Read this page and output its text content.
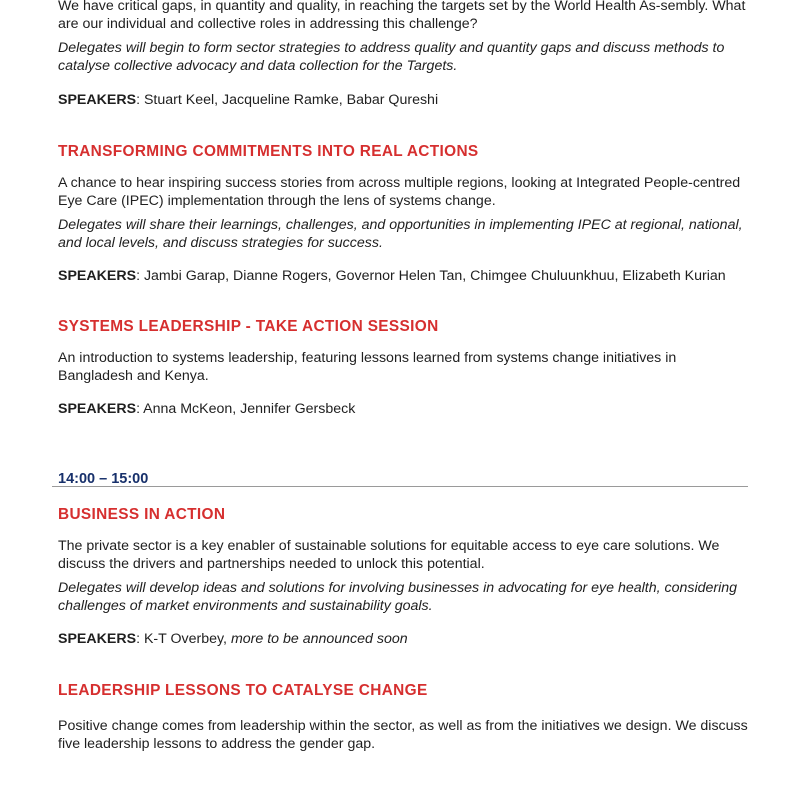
We have critical gaps, in quantity and quality, in reaching the targets set by the World Health As-sembly. What are our individual and collective roles in addressing this challenge?

Delegates will begin to form sector strategies to address quality and quantity gaps and discuss methods to catalyse collective advocacy and data collection for the Targets.

SPEAKERS: Stuart Keel, Jacqueline Ramke, Babar Qureshi

TRANSFORMING COMMITMENTS INTO REAL ACTIONS

A chance to hear inspiring success stories from across multiple regions, looking at Integrated People-centred Eye Care (IPEC) implementation through the lens of systems change.

Delegates will share their learnings, challenges, and opportunities in implementing IPEC at regional, national, and local levels, and discuss strategies for success.

SPEAKERS: Jambi Garap, Dianne Rogers, Governor Helen Tan, Chimgee Chuluunkhuu, Elizabeth Kurian

SYSTEMS LEADERSHIP - TAKE ACTION SESSION

An introduction to systems leadership, featuring lessons learned from systems change initiatives in Bangladesh and Kenya.

SPEAKERS: Anna McKeon, Jennifer Gersbeck

14:00 – 15:00

BUSINESS IN ACTION

The private sector is a key enabler of sustainable solutions for equitable access to eye care solutions. We discuss the drivers and partnerships needed to unlock this potential.

Delegates will develop ideas and solutions for involving businesses in advocating for eye health, considering challenges of market environments and sustainability goals.

SPEAKERS: K-T Overbey, more to be announced soon

LEADERSHIP LESSONS TO CATALYSE CHANGE

Positive change comes from leadership within the sector, as well as from the initiatives we design. We discuss five leadership lessons to address the gender gap.
